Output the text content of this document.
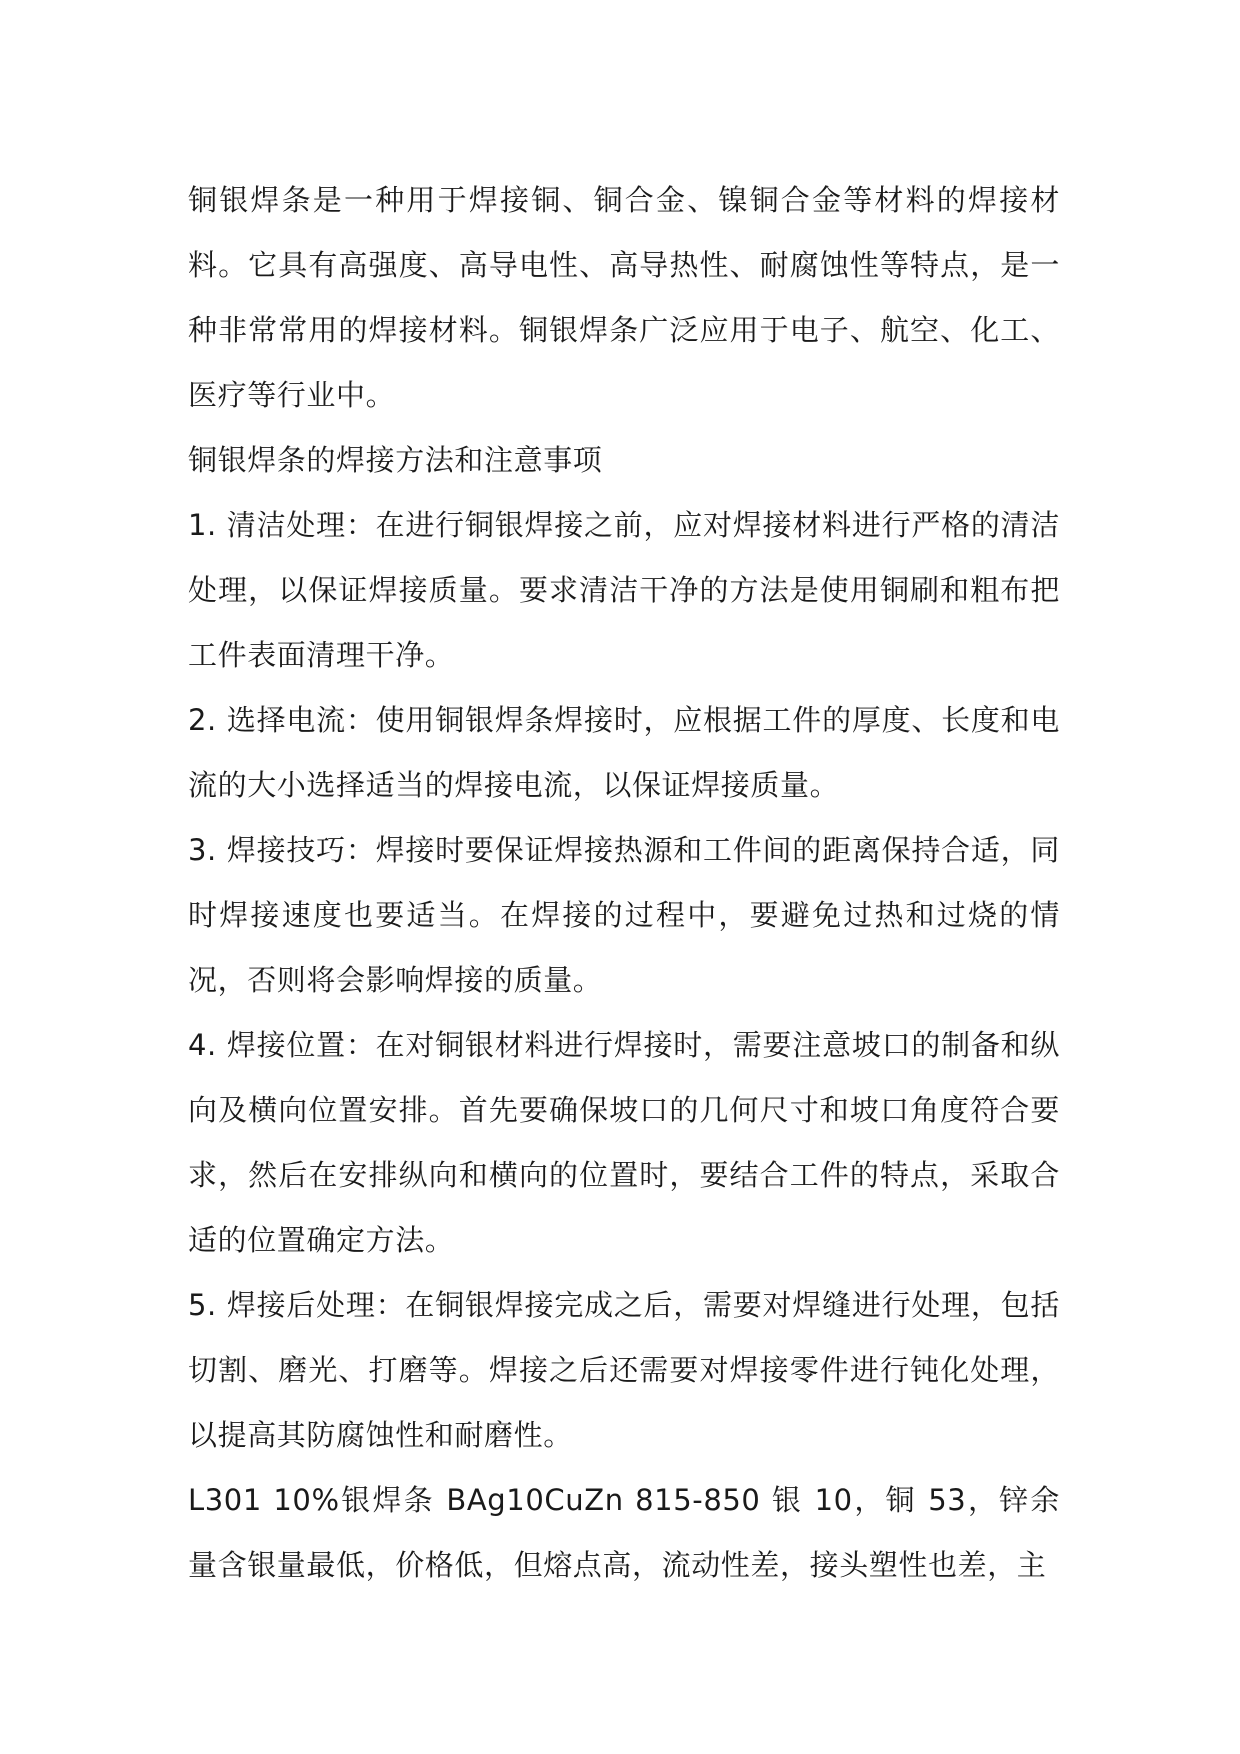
铜银焊条是一种用于焊接铜、铜合金、镍铜合金等材料的焊接材料。它具有高强度、高导电性、高导热性、耐腐蚀性等特点，是一种非常常用的焊接材料。铜银焊条广泛应用于电子、航空、化工、医疗等行业中。

铜银焊条的焊接方法和注意事项

1. 清洁处理：在进行铜银焊接之前，应对焊接材料进行严格的清洁处理，以保证焊接质量。要求清洁干净的方法是使用铜刷和粗布把工件表面清理干净。

2. 选择电流：使用铜银焊条焊接时，应根据工件的厚度、长度和电流的大小选择适当的焊接电流，以保证焊接质量。

3. 焊接技巧：焊接时要保证焊接热源和工件间的距离保持合适，同时焊接速度也要适当。在焊接的过程中，要避免过热和过烧的情况，否则将会影响焊接的质量。

4. 焊接位置：在对铜银材料进行焊接时，需要注意坡口的制备和纵向及横向位置安排。首先要确保坡口的几何尺寸和坡口角度符合要求，然后在安排纵向和横向的位置时，要结合工件的特点，采取合适的位置确定方法。

5. 焊接后处理：在铜银焊接完成之后，需要对焊缝进行处理，包括切割、磨光、打磨等。焊接之后还需要对焊接零件进行钝化处理，以提高其防腐蚀性和耐磨性。

L301 10%银焊条 BAg10CuZn 815-850 银 10，铜 53，锌余量含银量最低，价格低，但熔点高，流动性差，接头塑性也差，主
